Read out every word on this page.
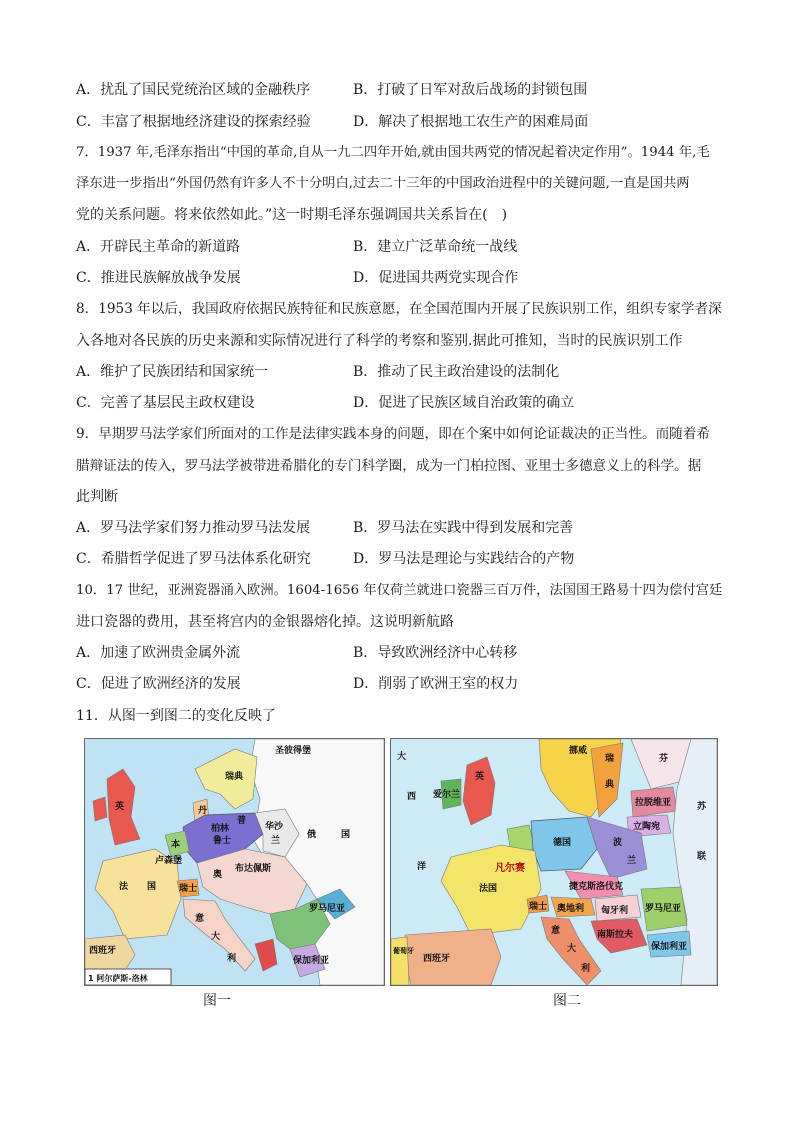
A．扰乱了国民党统治区域的金融秩序	B．打破了日军对敌后战场的封锁包围
C．丰富了根据地经济建设的探索经验	D．解决了根据地工农生产的困难局面
7．1937 年,毛泽东指出“中国的革命,自从一九二四年开始,就由国共两党的情况起着决定作用”。1944 年,毛
泽东进一步指出“外国仍然有许多人不十分明白,过去二十三年的中国政治进程中的关键问题,一直是国共两
党的关系问题。将来依然如此。”这一时期毛泽东强调国共关系旨在(　)
A．开辟民主革命的新道路	B．建立广泛革命统一战线
C．推进民族解放战争发展	D．促进国共两党实现合作
8．1953 年以后，我国政府依据民族特征和民族意愿，在全国范围内开展了民族识别工作，组织专家学者深
入各地对各民族的历史来源和实际情况进行了科学的考察和鉴别.据此可推知，当时的民族识别工作
A．维护了民族团结和国家统一	B．推动了民主政治建设的法制化
C．完善了基层民主政权建设	D．促进了民族区域自治政策的确立
9．早期罗马法学家们所面对的工作是法律实践本身的问题，即在个案中如何论证裁决的正当性。而随着希
腊辩证法的传入，罗马法学被带进希腊化的专门科学圈，成为一门柏拉图、亚里士多德意义上的科学。据
此判断
A．罗马法学家们努力推动罗马法发展	B．罗马法在实践中得到发展和完善
C．希腊哲学促进了罗马法体系化研究	D．罗马法是理论与实践结合的产物
10．17 世纪，亚洲瓷器涌入欧洲。1604-1656 年仅荷兰就进口瓷器三百万件，法国国王路易十四为偿付宫廷
进口瓷器的费用，甚至将宫内的金银器熔化掉。这说明新航路
A．加速了欧洲贵金属外流	B．导致欧洲经济中心转移
C．促进了欧洲经济的发展	D．削弱了欧洲王室的权力
11．从图一到图二的变化反映了
圣彼得堡
瑞典
英	丹
普
柏林
鲁士
华沙
兰
俄	国
本
卢森堡
法 国	瑞士
奥
布达佩斯
罗马尼亚
意
大
利
西班牙
保加利亚
1 阿尔萨斯-洛林
图一
大
西
洋
英
爱尔兰
挪威
瑞
典
芬
拉脱维亚
立陶宛
苏
联
德国	波
兰
法国
凡尔赛
瑞士
捷克斯洛伐克
奥地利 匈牙利 罗马尼亚
意
大
利
南斯拉夫
保加利亚
西班牙
葡萄牙
图二
